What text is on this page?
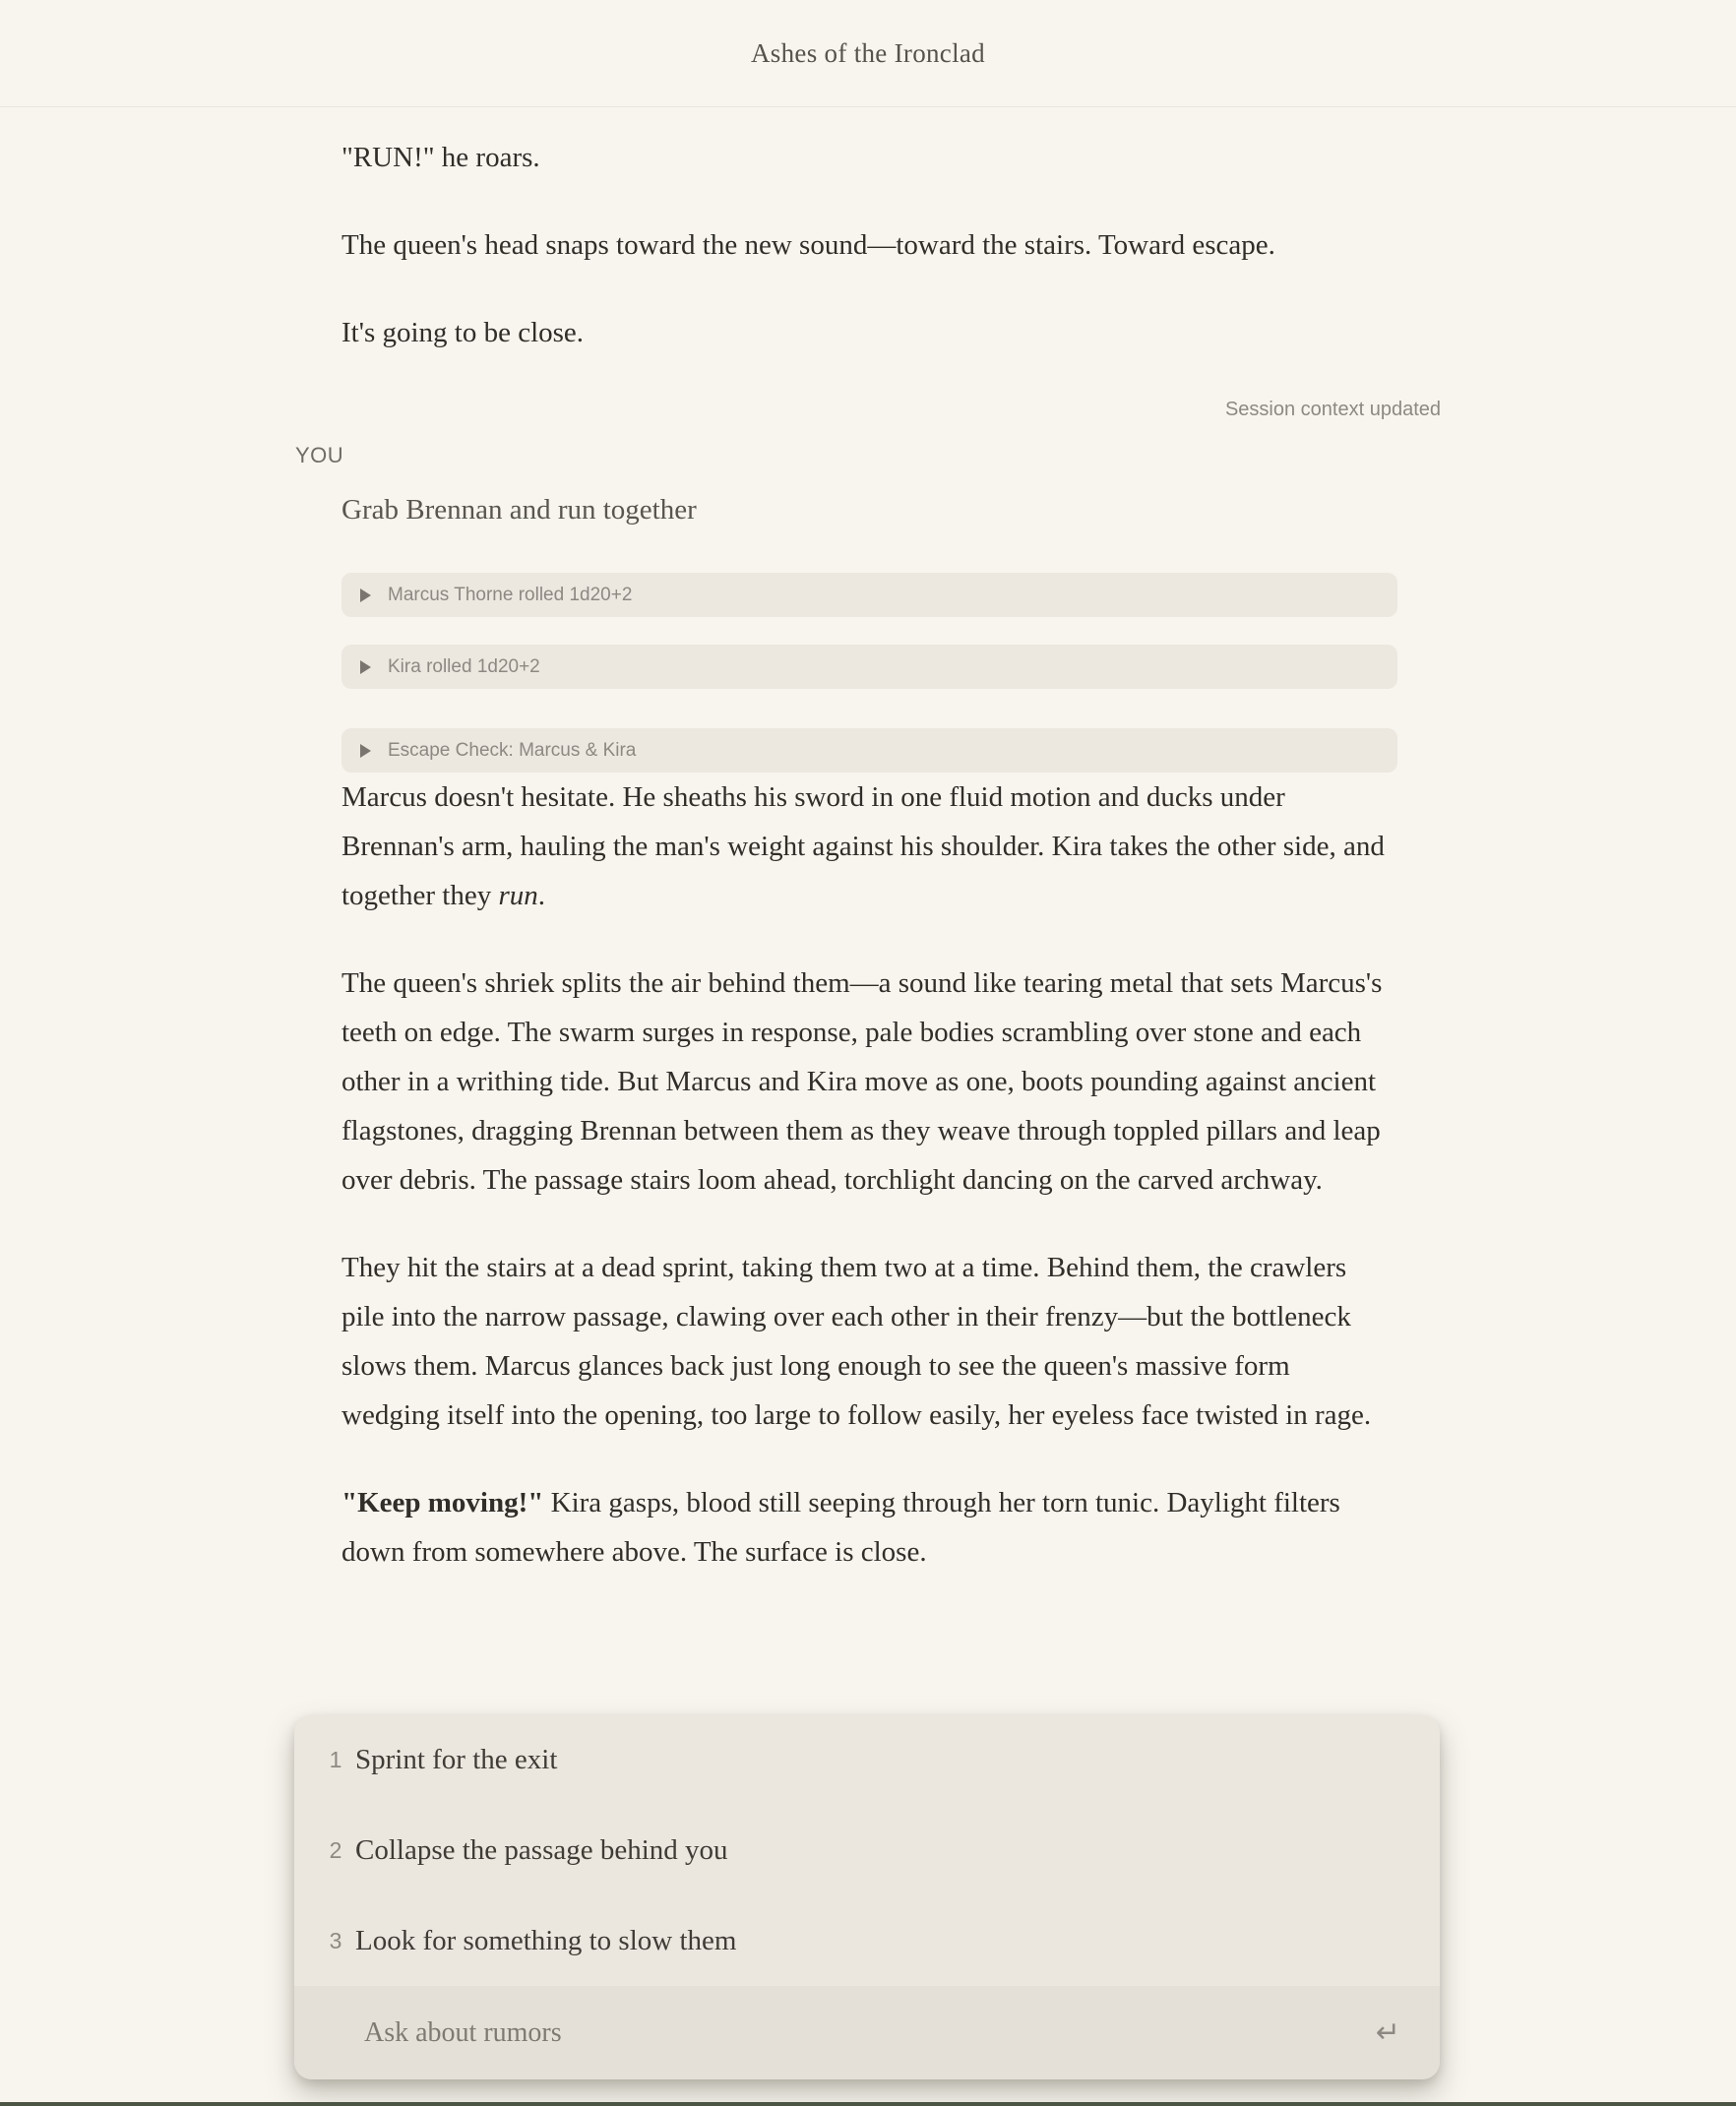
Ashes of the Ironclad

"RUN!" he roars.

The queen's head snaps toward the new sound—toward the stairs. Toward escape.

It's going to be close.

Session context updated
YOU
Grab Brennan and run together
Marcus Thorne rolled 1d20+2
Kira rolled 1d20+2
Escape Check: Marcus & Kira

Marcus doesn't hesitate. He sheaths his sword in one fluid motion and ducks under Brennan's arm, hauling the man's weight against his shoulder. Kira takes the other side, and together they run.

The queen's shriek splits the air behind them—a sound like tearing metal that sets Marcus's teeth on edge. The swarm surges in response, pale bodies scrambling over stone and each other in a writhing tide. But Marcus and Kira move as one, boots pounding against ancient flagstones, dragging Brennan between them as they weave through toppled pillars and leap over debris. The passage stairs loom ahead, torchlight dancing on the carved archway.

They hit the stairs at a dead sprint, taking them two at a time. Behind them, the crawlers pile into the narrow passage, clawing over each other in their frenzy—but the bottleneck slows them. Marcus glances back just long enough to see the queen's massive form wedging itself into the opening, too large to follow easily, her eyeless face twisted in rage.

"Keep moving!" Kira gasps, blood still seeping through her torn tunic. Daylight filters down from somewhere above. The surface is close.

1 Sprint for the exit
2 Collapse the passage behind you
3 Look for something to slow them
Ask about rumors
↵
